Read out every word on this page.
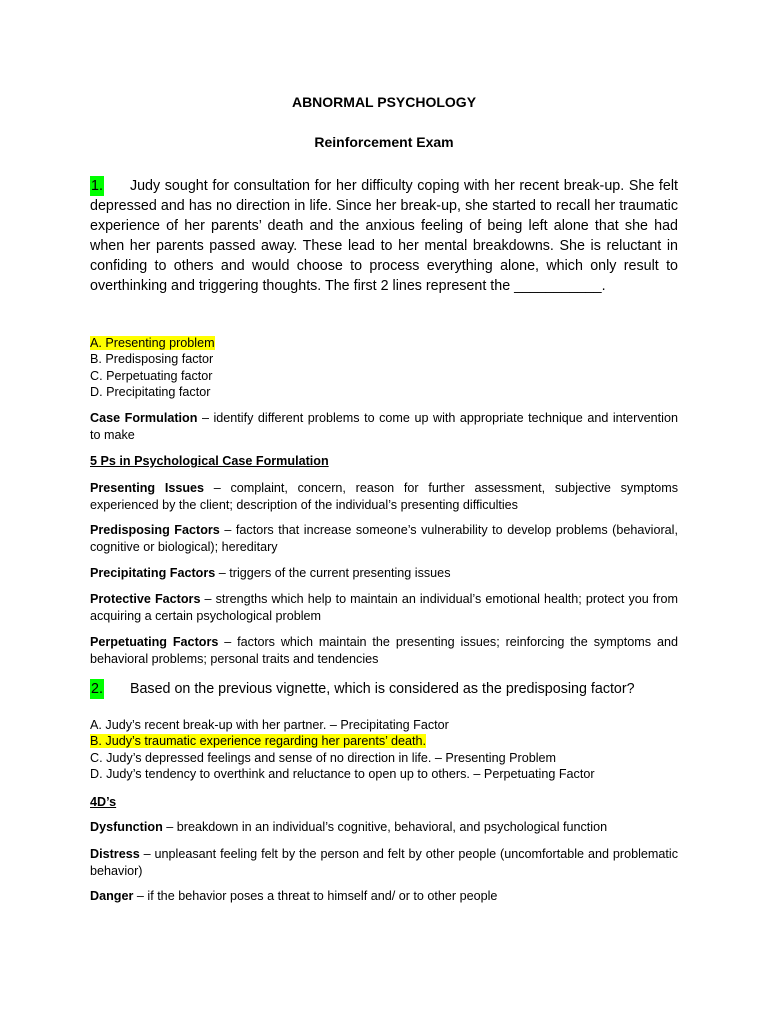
ABNORMAL PSYCHOLOGY
Reinforcement Exam
1. Judy sought for consultation for her difficulty coping with her recent break-up. She felt depressed and has no direction in life. Since her break-up, she started to recall her traumatic experience of her parents’ death and the anxious feeling of being left alone that she had when her parents passed away. These lead to her mental breakdowns. She is reluctant in confiding to others and would choose to process everything alone, which only result to overthinking and triggering thoughts. The first 2 lines represent the ___________.
A. Presenting problem
B. Predisposing factor
C. Perpetuating factor
D. Precipitating factor
Case Formulation – identify different problems to come up with appropriate technique and intervention to make
5 Ps in Psychological Case Formulation
Presenting Issues – complaint, concern, reason for further assessment, subjective symptoms experienced by the client; description of the individual’s presenting difficulties
Predisposing Factors – factors that increase someone’s vulnerability to develop problems (behavioral, cognitive or biological); hereditary
Precipitating Factors – triggers of the current presenting issues
Protective Factors – strengths which help to maintain an individual’s emotional health; protect you from acquiring a certain psychological problem
Perpetuating Factors – factors which maintain the presenting issues; reinforcing the symptoms and behavioral problems; personal traits and tendencies
2. Based on the previous vignette, which is considered as the predisposing factor?
A. Judy’s recent break-up with her partner. – Precipitating Factor
B. Judy’s traumatic experience regarding her parents’ death.
C. Judy’s depressed feelings and sense of no direction in life. – Presenting Problem
D. Judy’s tendency to overthink and reluctance to open up to others. – Perpetuating Factor
4D’s
Dysfunction – breakdown in an individual’s cognitive, behavioral, and psychological function
Distress – unpleasant feeling felt by the person and felt by other people (uncomfortable and problematic behavior)
Danger – if the behavior poses a threat to himself and/ or to other people
